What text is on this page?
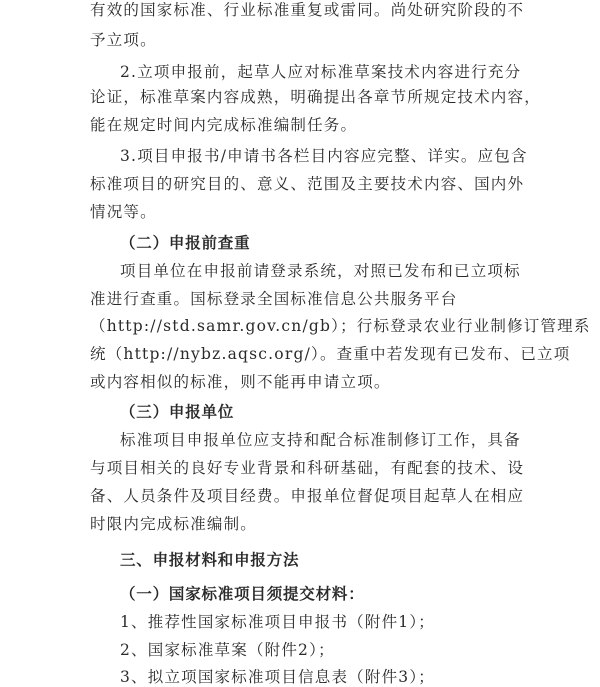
有效的国家标准、行业标准重复或雷同。尚处研究阶段的不
予立项。
2.立项申报前，起草人应对标准草案技术内容进行充分
论证，标准草案内容成熟，明确提出各章节所规定技术内容，
能在规定时间内完成标准编制任务。
3.项目申报书/申请书各栏目内容应完整、详实。应包含
标准项目的研究目的、意义、范围及主要技术内容、国内外
情况等。
（二）申报前查重
项目单位在申报前请登录系统，对照已发布和已立项标
准进行查重。国标登录全国标准信息公共服务平台
（http://std.samr.gov.cn/gb）；行标登录农业行业制修订管理系
统（http://nybz.aqsc.org/）。查重中若发现有已发布、已立项
或内容相似的标准，则不能再申请立项。
（三）申报单位
标准项目申报单位应支持和配合标准制修订工作，具备
与项目相关的良好专业背景和科研基础，有配套的技术、设
备、人员条件及项目经费。申报单位督促项目起草人在相应
时限内完成标准编制。
三、申报材料和申报方法
（一）国家标准项目须提交材料：
1、推荐性国家标准项目申报书（附件1）；
2、国家标准草案（附件2）；
3、拟立项国家标准项目信息表（附件3）；
